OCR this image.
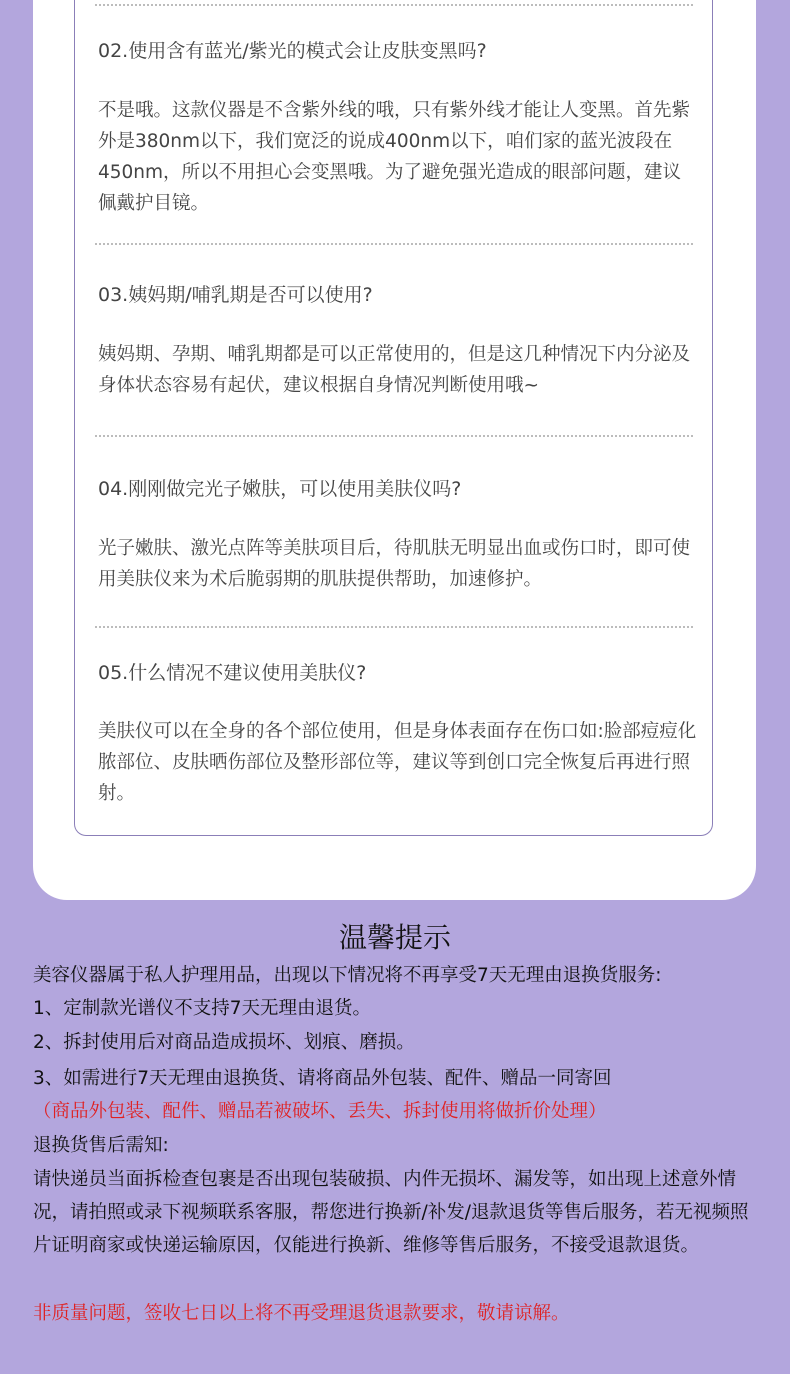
02.使用含有蓝光/紫光的模式会让皮肤变黑吗?
不是哦。这款仪器是不含紫外线的哦，只有紫外线才能让人变黑。首先紫外是380nm以下，我们宽泛的说成400nm以下，咱们家的蓝光波段在450nm，所以不用担心会变黑哦。为了避免强光造成的眼部问题，建议佩戴护目镜。
03.姨妈期/哺乳期是否可以使用?
姨妈期、孕期、哺乳期都是可以正常使用的，但是这几种情况下内分泌及身体状态容易有起伏，建议根据自身情况判断使用哦~
04.刚刚做完光子嫩肤，可以使用美肤仪吗?
光子嫩肤、激光点阵等美肤项目后，待肌肤无明显出血或伤口时，即可使用美肤仪来为术后脆弱期的肌肤提供帮助，加速修护。
05.什么情况不建议使用美肤仪?
美肤仪可以在全身的各个部位使用，但是身体表面存在伤口如:脸部痘痘化脓部位、皮肤晒伤部位及整形部位等，建议等到创口完全恢复后再进行照射。
温馨提示
美容仪器属于私人护理用品，出现以下情况将不再享受7天无理由退换货服务:
1、定制款光谱仪不支持7天无理由退货。
2、拆封使用后对商品造成损坏、划痕、磨损。
3、如需进行7天无理由退换货、请将商品外包装、配件、赠品一同寄回
（商品外包装、配件、赠品若被破坏、丢失、拆封使用将做折价处理）
退换货售后需知:
请快递员当面拆检查包裹是否出现包装破损、内件无损坏、漏发等，如出现上述意外情况，请拍照或录下视频联系客服，帮您进行换新/补发/退款退货等售后服务，若无视频照片证明商家或快递运输原因，仅能进行换新、维修等售后服务，不接受退款退货。
非质量问题，签收七日以上将不再受理退货退款要求，敬请谅解。
